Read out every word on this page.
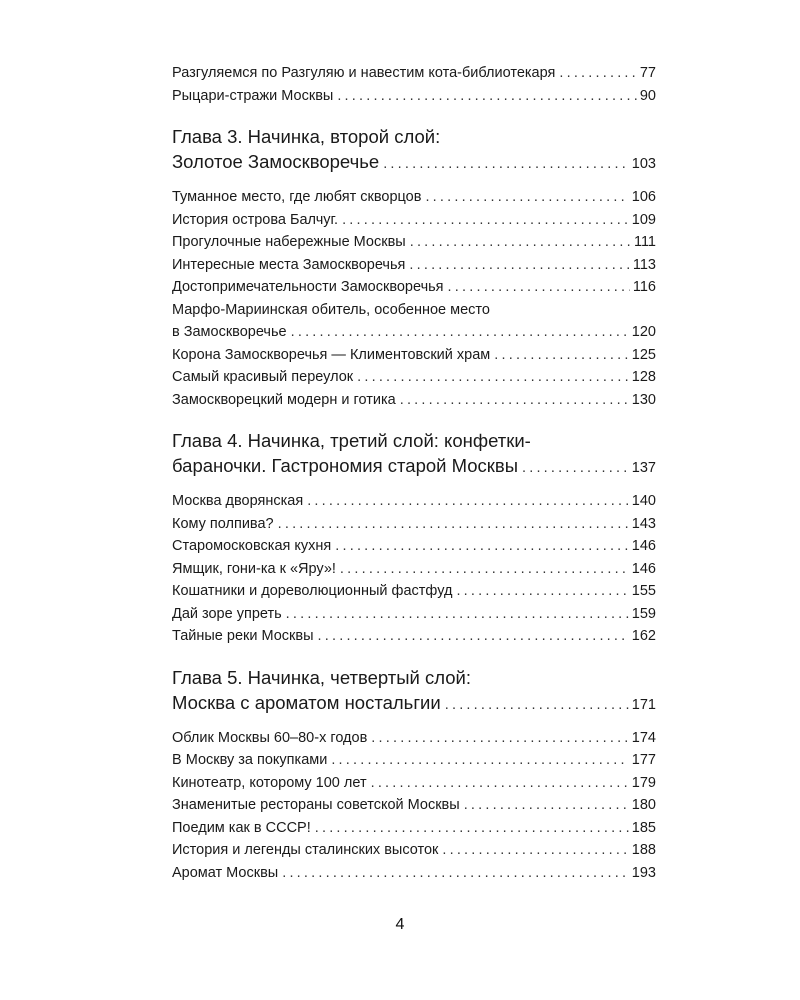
Разгуляемся по Разгуляю и навестим кота-библиотекаря .....	77
Рыцари-стражи Москвы .....	90
Глава 3. Начинка, второй слой:
Золотое Замоскворечье .....	103
Туманное место, где любят скворцов .....	106
История острова Балчуг. .....	109
Прогулочные набережные Москвы .....	111
Интересные места Замоскворечья .....	113
Достопримечательности Замоскворечья .....	116
Марфо-Мариинская обитель, особенное место
в Замоскворечье .....	120
Корона Замоскворечья — Климентовский храм .....	125
Самый красивый переулок .....	128
Замоскворецкий модерн и готика .....	130
Глава 4. Начинка, третий слой: конфетки-
бараночки. Гастрономия старой Москвы .....	137
Москва дворянская .....	140
Кому полпива? .....	143
Старомосковская кухня .....	146
Ямщик, гони-ка к «Яру»! .....	146
Кошатники и дореволюционный фастфуд .....	155
Дай зоре упреть .....	159
Тайные реки Москвы .....	162
Глава 5. Начинка, четвертый слой:
Москва с ароматом ностальгии .....	171
Облик Москвы 60–80-х годов .....	174
В Москву за покупками .....	177
Кинотеатр, которому 100 лет .....	179
Знаменитые рестораны советской Москвы .....	180
Поедим как в СССР! .....	185
История и легенды сталинских высоток .....	188
Аромат Москвы .....	193
4
